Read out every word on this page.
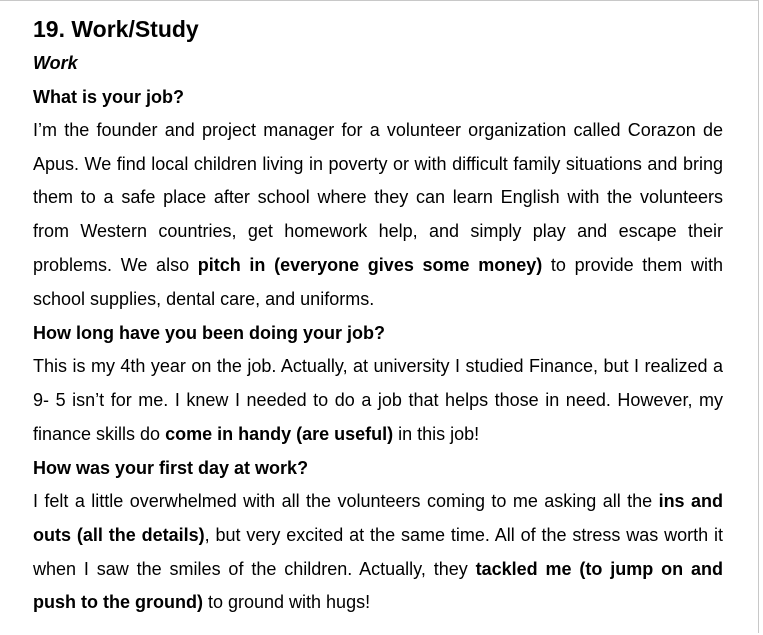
19. Work/Study
Work

What is your job?

I’m the founder and project manager for a volunteer organization called Corazon de Apus. We find local children living in poverty or with difficult family situations and bring them to a safe place after school where they can learn English with the volunteers from Western countries, get homework help, and simply play and escape their problems. We also pitch in (everyone gives some money) to provide them with school supplies, dental care, and uniforms.

How long have you been doing your job?

This is my 4th year on the job. Actually, at university I studied Finance, but I realized a 9- 5 isn’t for me. I knew I needed to do a job that helps those in need. However, my finance skills do come in handy (are useful) in this job!

How was your first day at work?

I felt a little overwhelmed with all the volunteers coming to me asking all the ins and outs (all the details), but very excited at the same time. All of the stress was worth it when I saw the smiles of the children. Actually, they tackled me (to jump on and push to the ground) to ground with hugs!
